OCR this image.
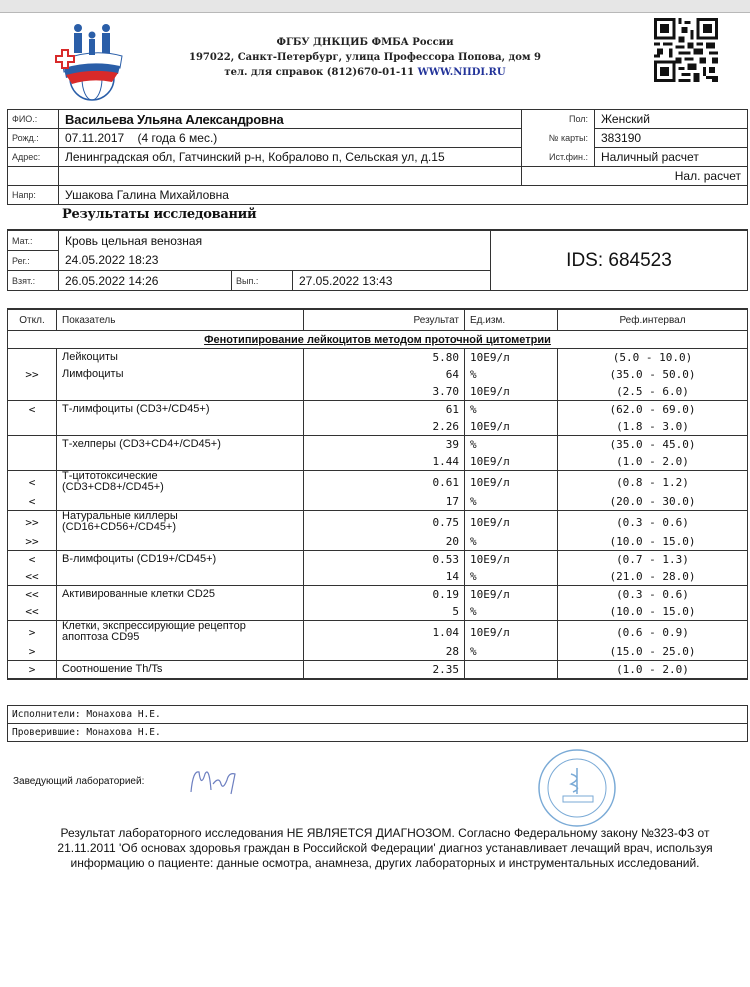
ФГБУ ДНКЦИБ ФМБА России
197022, Санкт-Петербург, улица Профессора Попова, дом 9
тел. для справок (812)670-01-11 WWW.NIIDI.RU
ФИО.:	Васильева Ульяна Александровна	Пол:	Женский
Рожд.:	07.11.2017    (4 года 6 мес.)	№ карты:	383190
Адрес:	Ленинградская обл, Гатчинский р-н, Кобралово п, Сельская ул, д.15	Ист.фин.:	Наличный расчет
		Нал. расчет	
Напр:	Ушакова Галина Михайловна		
Результаты исследований
Мат.:	Кровь цельная венозная			IDS: 684523
Рег.:	24.05.2022 18:23			
Взят.:	26.05.2022 14:26	Вып.:	27.05.2022 13:43	
Откл.	Показатель	Результат	Ед.изм.	Реф.интервал
Фенотипирование лейкоцитов методом проточной цитометрии				
	Лейкоциты	5.80	10E9/л	(5.0 - 10.0)
>>	Лимфоциты	64	%	(35.0 - 50.0)
		3.70	10E9/л	(2.5 - 6.0)
<	Т-лимфоциты (CD3+/CD45+)	61	%	(62.0 - 69.0)
		2.26	10E9/л	(1.8 - 3.0)
	Т-хелперы (CD3+CD4+/CD45+)	39	%	(35.0 - 45.0)
		1.44	10E9/л	(1.0 - 2.0)
<	Т-цитотоксические
(CD3+CD8+/CD45+)	0.61	10E9/л	(0.8 - 1.2)
<		17	%	(20.0 - 30.0)
>>	Натуральные киллеры
(CD16+CD56+/CD45+)	0.75	10E9/л	(0.3 - 0.6)
>>		20	%	(10.0 - 15.0)
<	В-лимфоциты (CD19+/CD45+)	0.53	10E9/л	(0.7 - 1.3)
<<		14	%	(21.0 - 28.0)
<<	Активированные клетки CD25	0.19	10E9/л	(0.3 - 0.6)
<<		5	%	(10.0 - 15.0)
>	Клетки, экспрессирующие рецептор
апоптоза CD95	1.04	10E9/л	(0.6 - 0.9)
>		28	%	(15.0 - 25.0)
>	Соотношение Th/Ts	2.35		(1.0 - 2.0)
Исполнители: Монахова Н.Е.
Проверившие: Монахова Н.Е.
Заведующий лабораторией:
Результат лабораторного исследования НЕ ЯВЛЯЕТСЯ ДИАГНОЗОМ. Согласно Федеральному закону №323-ФЗ от 21.11.2011 'Об основах здоровья граждан в Российской Федерации' диагноз устанавливает лечащий врач, используя информацию о пациенте: данные осмотра, анамнеза, других лабораторных и инструментальных исследований.
